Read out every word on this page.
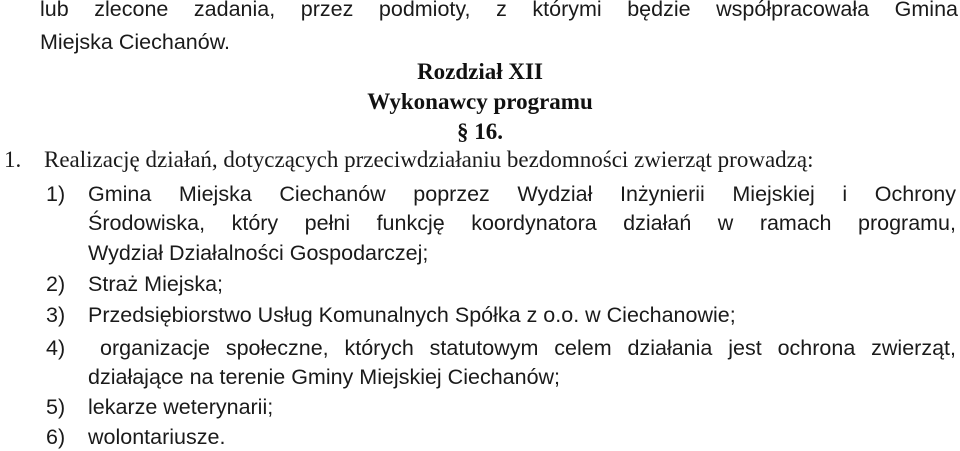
lub zlecone zadania, przez podmioty, z którymi będzie współpracowała Gmina
Miejska Ciechanów.
Rozdział XII
Wykonawcy programu
§ 16.
1. Realizację działań, dotyczących przeciwdziałaniu bezdomności zwierząt prowadzą:
1) Gmina Miejska Ciechanów poprzez Wydział Inżynierii Miejskiej i Ochrony
Środowiska, który pełni funkcję koordynatora działań w ramach programu,
Wydział Działalności Gospodarczej;
2) Straż Miejska;
3) Przedsiębiorstwo Usług Komunalnych Spółka z o.o. w Ciechanowie;
4) organizacje społeczne, których statutowym celem działania jest ochrona zwierząt,
działające na terenie Gminy Miejskiej Ciechanów;
5) lekarze weterynarii;
6) wolontariusze.
